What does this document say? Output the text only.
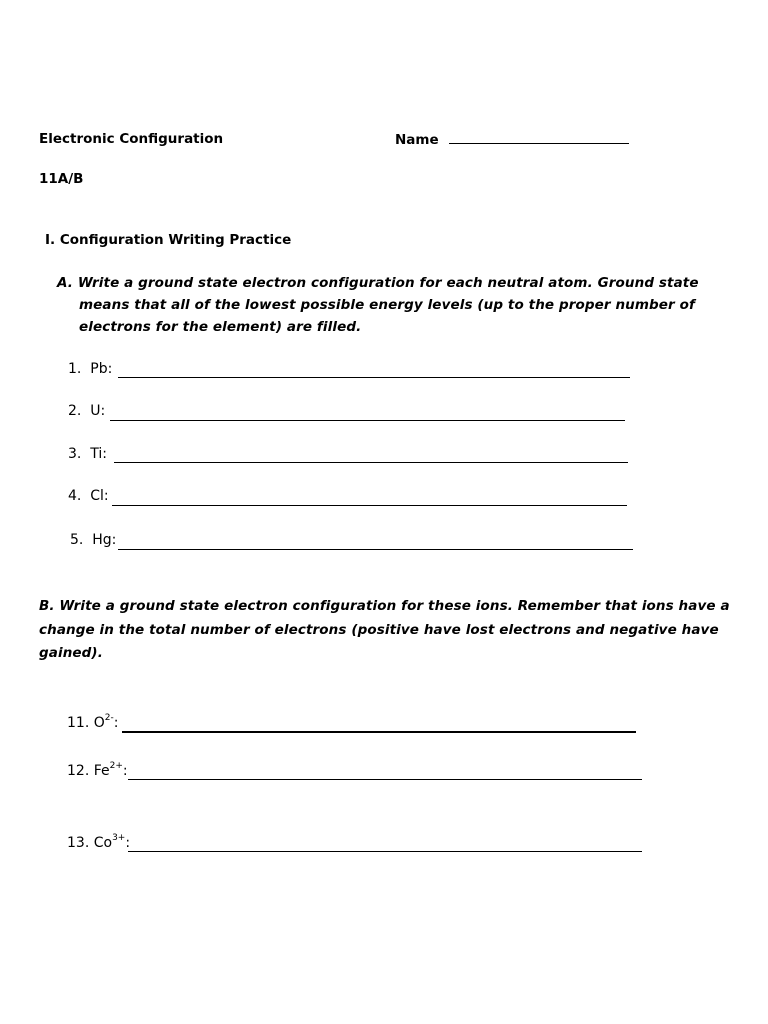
Electronic Configuration	Name
11A/B
I. Configuration Writing Practice
A. Write a ground state electron configuration for each neutral atom. Ground state
means that all of the lowest possible energy levels (up to the proper number of
electrons for the element) are filled.
1. Pb:
2. U:
3. Ti:
4. Cl:
5. Hg:
B. Write a ground state electron configuration for these ions. Remember that ions have a
change in the total number of electrons (positive have lost electrons and negative have
gained).
11. $O^{2-}$:
12. $Fe^{2+}$:
13. $Co^{3+}$:
